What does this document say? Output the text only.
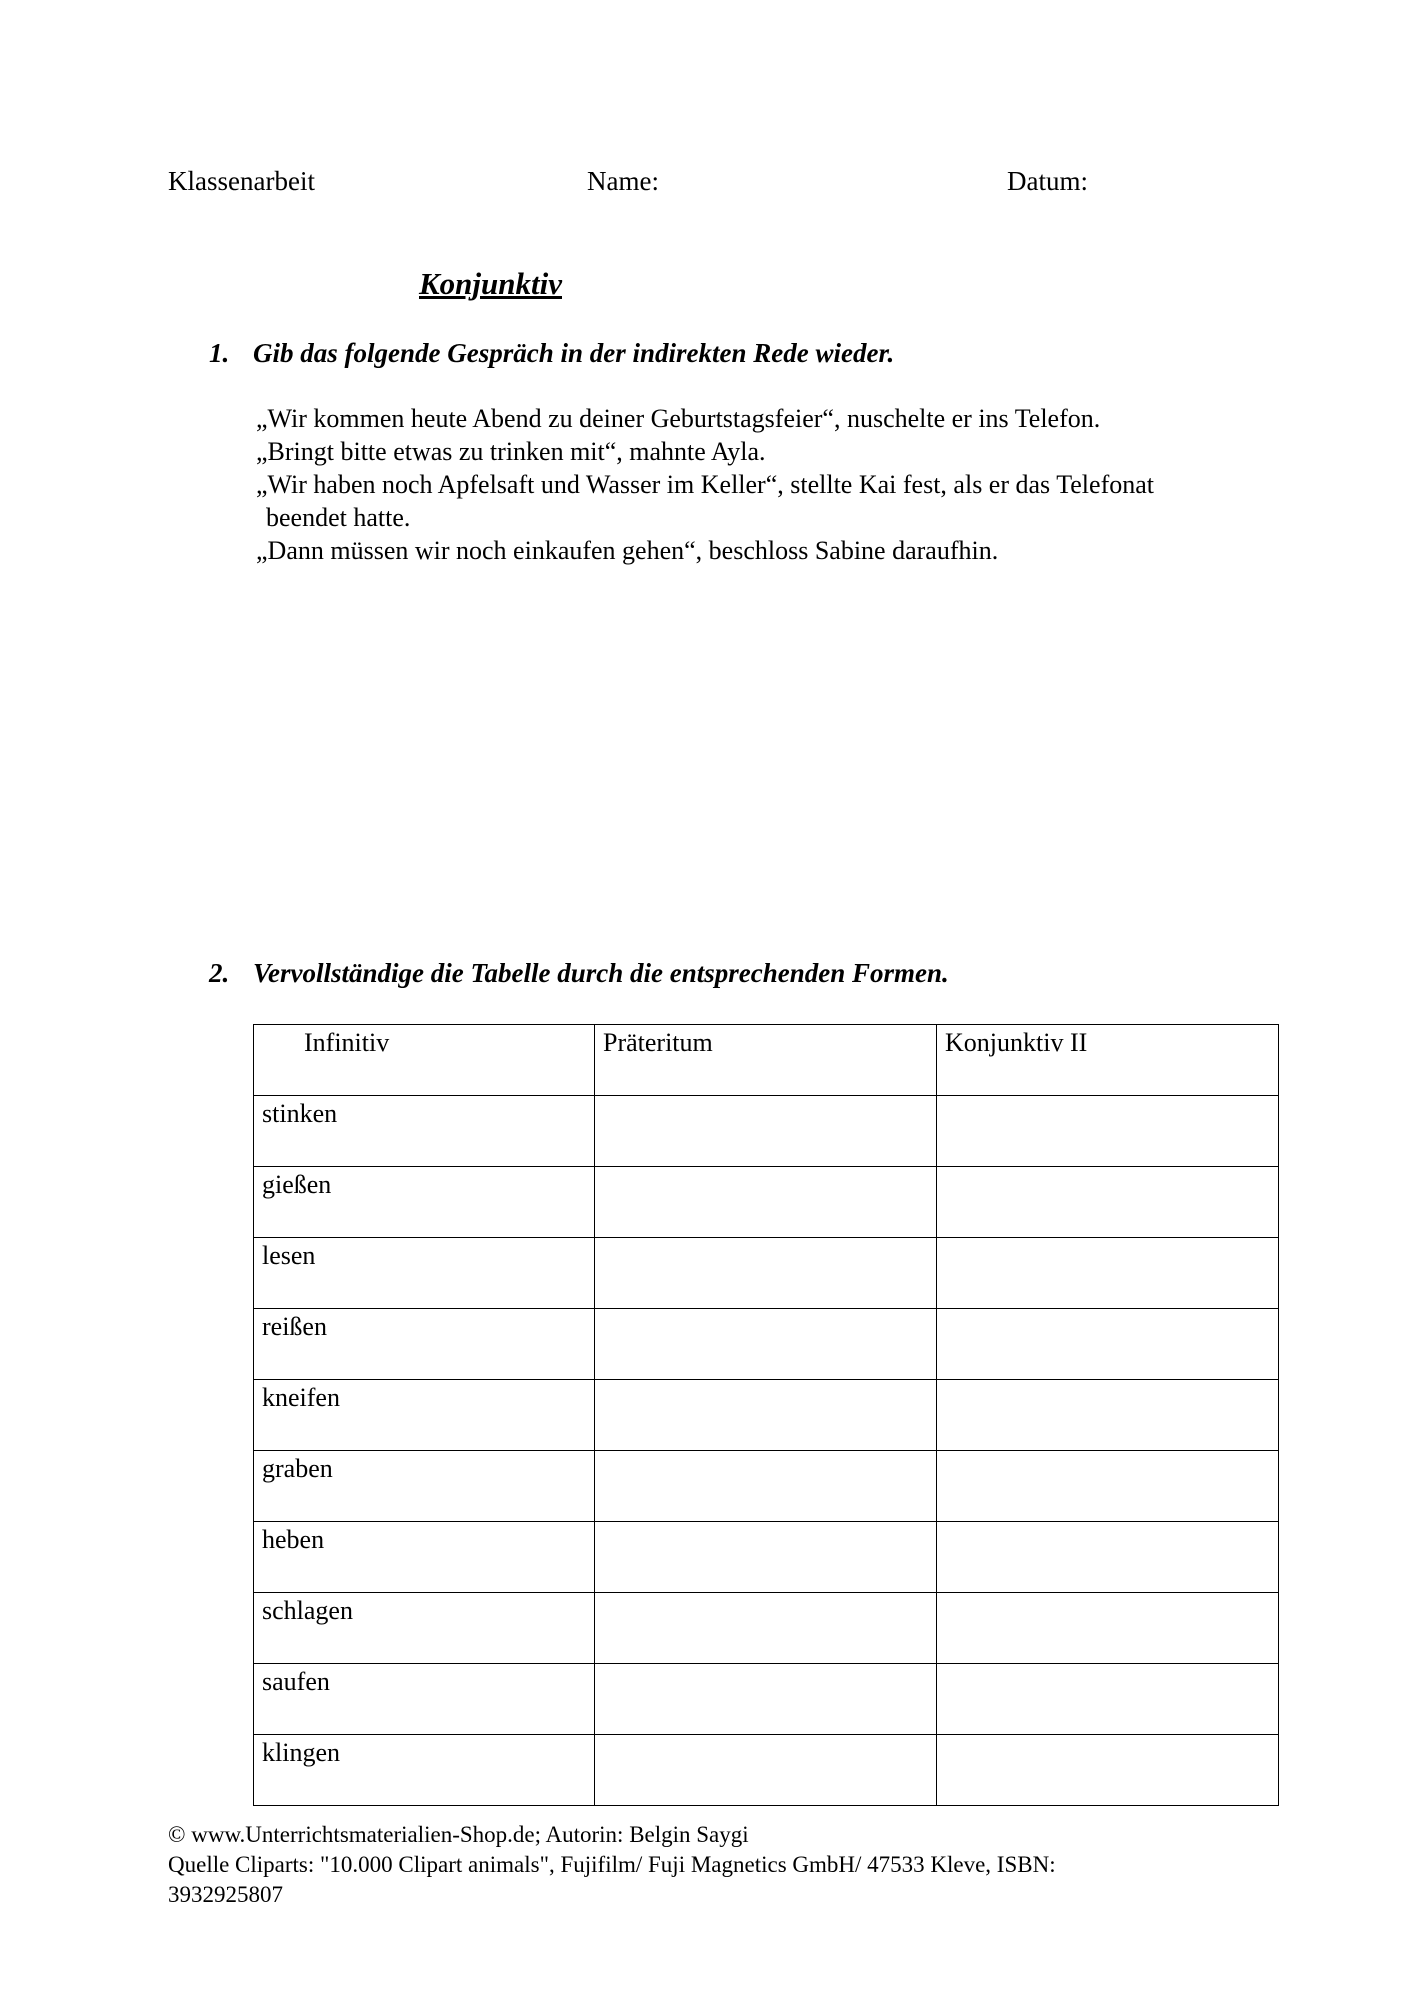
Klassenarbeit	Name:	Datum:
Konjunktiv
1. Gib das folgende Gespräch in der indirekten Rede wieder.

„Wir kommen heute Abend zu deiner Geburtstagsfeier“, nuschelte er ins Telefon.

„Bringt bitte etwas zu trinken mit“, mahnte Ayla.

„Wir haben noch Apfelsaft und Wasser im Keller“, stellte Kai fest, als er das Telefonat

beendet hatte.

„Dann müssen wir noch einkaufen gehen“, beschloss Sabine daraufhin.

2. Vervollständige die Tabelle durch die entsprechenden Formen.
Infinitiv	Präteritum	Konjunktiv II
stinken		
gießen		
lesen		
reißen		
kneifen		
graben		
heben		
schlagen		
saufen		
klingen		

© www.Unterrichtsmaterialien-Shop.de; Autorin: Belgin Saygi

Quelle Cliparts: "10.000 Clipart animals", Fujifilm/ Fuji Magnetics GmbH/ 47533 Kleve, ISBN:

3932925807
